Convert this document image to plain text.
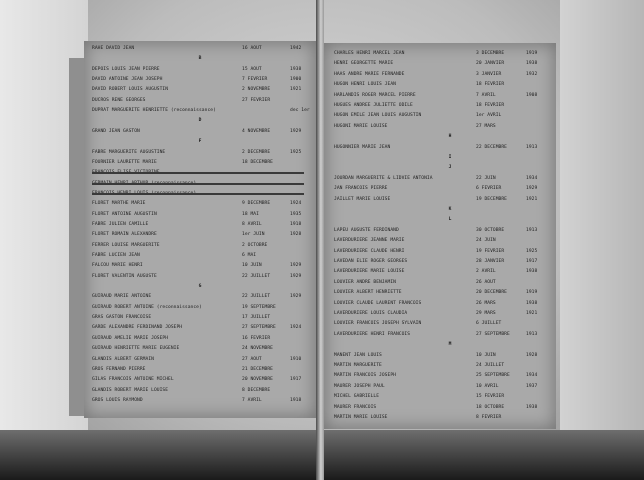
RAHE DAVID JEAN	16 AOUT	1942
B
DEPOIS LOUIS JEAN PIERRE	15 AOUT	1938
DAVID ANTOINE JEAN JOSEPH	7 FEVRIER	1900
DAVID ROBERT LOUIS AUGUSTIN	2 NOVEMBRE	1921
DUCROS RENE GEORGES	27 FEVRIER
DUPRAT MARGUERITE HENRIETTE (reconnaissance)	dec 1er
D
GRAND JEAN GASTON	4 NOVEMBRE	1929
F
FABRE MARGUERITE AUGUSTINE	2 DECEMBRE	1925
FOURNIER LAURETTE MARIE	18 DECEMBRE
FLORET MARTHE MARIE	9 DECEMBRE	1924
FLORET ANTOINE AUGUSTIN	18 MAI	1935
FABRE JULIEN CAMILLE	8 AVRIL	1918
FLORET ROMAIN ALEXANDRE	1er JUIN	1928
FERRER LOUISE MARGUERITE	2 OCTOBRE
FABRE LUCIEN JEAN	6 MAI
FALCOU MARIE HENRI	10 JUIN	1929
FLORET VALENTIN AUGUSTE	22 JUILLET	1929
G
GUIRAUD MARIE ANTOINE	22 JUILLET	1929
GUIRAUD ROBERT ANTOINE (reconnaissance)	19 SEPTEMBRE
GRAS GASTON FRANCOISE	17 JUILLET
GARDE ALEXANDRE FERDINAND JOSEPH	27 SEPTEMBRE	1924
GUIRAUD AMELIE MARIE JOSEPH	16 FEVRIER
GUIRAUD HENRIETTE MARIE EUGENIE	24 NOVEMBRE
GLANDIS ALBERT GERMAIN	27 AOUT	1910
GROS FERNAND PIERRE	21 DECEMBRE
GILAS FRANCOIS ANTOINE MICHEL	20 NOVEMBRE	1917
GLANDIS ROBERT MARIE LOUISE	8 DECEMBRE
GROS LOUIS RAYMOND	7 AVRIL	1918
CHARLES HENRI MARCEL JEAN	3 DECEMBRE	1919
HENRI GEORGETTE MARIE	20 JANVIER	1938
HAAS ANDRE MARIE FERNANDE	3 JANVIER	1932
HUGON HENRI LOUIS JEAN	18 FEVRIER
HARLANDIS ROGER MARCEL PIERRE	7 AVRIL	1908
HUGUES ANDREE JULIETTE ODILE	18 FEVRIER
HUGON EMILE JEAN LOUIS AUGUSTIN	1er AVRIL
HUGONI MARIE LOUISE	27 MARS
H
HUGONNIER MARIE JEAN	22 DECEMBRE	1913
I
J
JOURDAN MARGUERITE & LIDVIE ANTONIA	22 JUIN	1934
JAN FRANCOIS PIERRE	6 FEVRIER	1929
JAILLET MARIE LOUISE	19 DECEMBRE	1921
K
L
LAPEU AUGUSTE FERDINAND	30 OCTOBRE	1913
LAVERDURIERE JEANNE MARIE	24 JUIN
LAVERDURIERE CLAUDE HENRI	19 FEVRIER	1925
LAVEDAN ELIE ROGER GEORGES	28 JANVIER	1917
LAVERDURIERE MARIE LOUISE	2 AVRIL	1938
LOUVIER ANDRE BENJAMIN	26 AOUT
LOUVIER ALBERT HENRIETTE	20 DECEMBRE	1919
LOUVIER CLAUDE LAURENT FRANCOIS	26 MARS	1938
LAVERDURIERE LOUIS CLAUDIA	29 MARS	1921
LOUVIER FRANCOIS JOSEPH SYLVAIN	6 JUILLET
LAVERDURIERE HENRI FRANCOIS	27 SEPTEMBRE	1913
M
MANENT JEAN LOUIS	10 JUIN	1928
MARTIN MARGUERITE	24 JUILLET
MARTIN FRANCOIS JOSEPH	25 SEPTEMBRE	1934
MAURER JOSEPH PAUL	10 AVRIL	1937
MICHEL GABRIELLE	15 FEVRIER
MAURER FRANCOIS	18 OCTOBRE	1938
MARTIN MARIE LOUISE	8 FEVRIER
